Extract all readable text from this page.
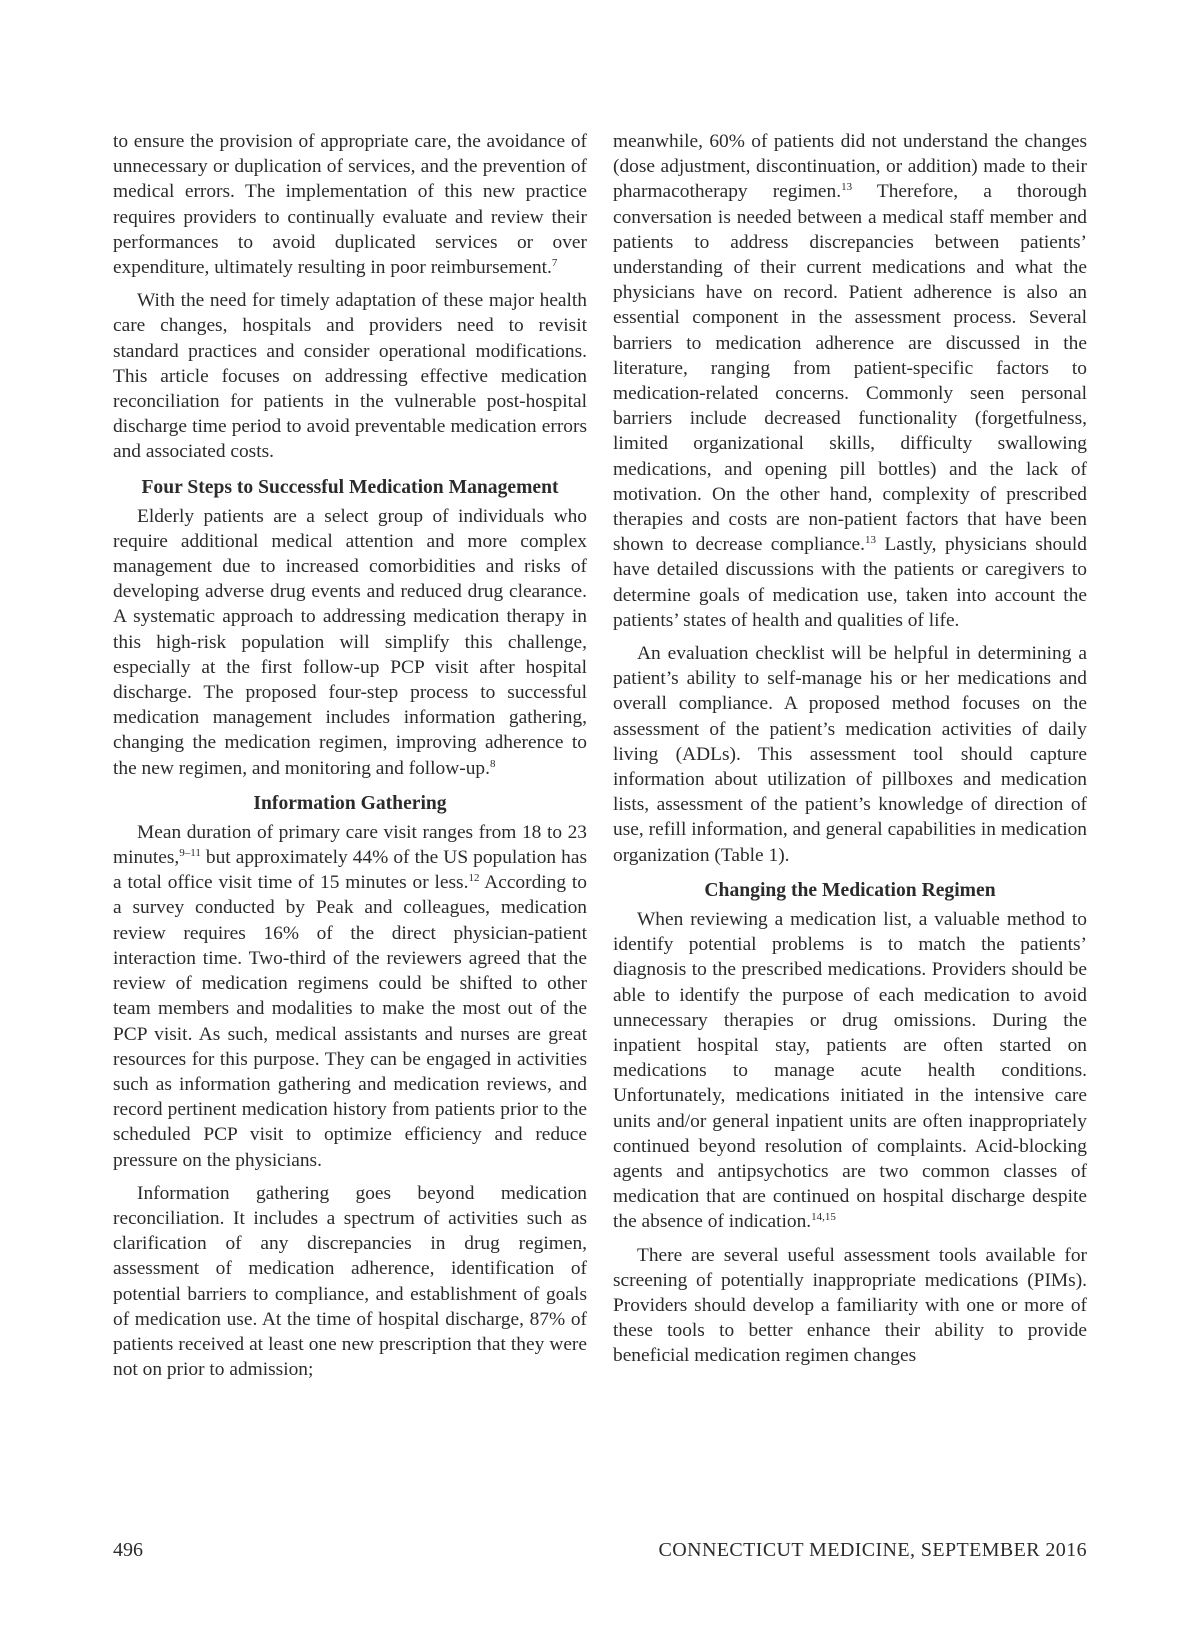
to ensure the provision of appropriate care, the avoidance of unnecessary or duplication of services, and the prevention of medical errors. The implementation of this new practice requires providers to continually evaluate and review their performances to avoid duplicated services or over expenditure, ultimately resulting in poor reimbursement.$^7$

With the need for timely adaptation of these major health care changes, hospitals and providers need to revisit standard practices and consider operational modifications. This article focuses on addressing effective medication reconciliation for patients in the vulnerable post-hospital discharge time period to avoid preventable medication errors and associated costs.

Four Steps to Successful Medication Management

Elderly patients are a select group of individuals who require additional medical attention and more complex management due to increased comorbidities and risks of developing adverse drug events and reduced drug clearance. A systematic approach to addressing medication therapy in this high-risk population will simplify this challenge, especially at the first follow-up PCP visit after hospital discharge. The proposed four-step process to successful medication management includes information gathering, changing the medication regimen, improving adherence to the new regimen, and monitoring and follow-up.$^8$

Information Gathering

Mean duration of primary care visit ranges from 18 to 23 minutes,$^{9-11}$ but approximately 44% of the US population has a total office visit time of 15 minutes or less.$^{12}$ According to a survey conducted by Peak and colleagues, medication review requires 16% of the direct physician-patient interaction time. Two-third of the reviewers agreed that the review of medication regimens could be shifted to other team members and modalities to make the most out of the PCP visit. As such, medical assistants and nurses are great resources for this purpose. They can be engaged in activities such as information gathering and medication reviews, and record pertinent medication history from patients prior to the scheduled PCP visit to optimize efficiency and reduce pressure on the physicians.

Information gathering goes beyond medication reconciliation. It includes a spectrum of activities such as clarification of any discrepancies in drug regimen, assessment of medication adherence, identification of potential barriers to compliance, and establishment of goals of medication use. At the time of hospital discharge, 87% of patients received at least one new prescription that they were not on prior to admission;

meanwhile, 60% of patients did not understand the changes (dose adjustment, discontinuation, or addition) made to their pharmacotherapy regimen.$^{13}$ Therefore, a thorough conversation is needed between a medical staff member and patients to address discrepancies between patients’ understanding of their current medications and what the physicians have on record. Patient adherence is also an essential component in the assessment process. Several barriers to medication adherence are discussed in the literature, ranging from patient-specific factors to medication-related concerns. Commonly seen personal barriers include decreased functionality (forgetfulness, limited organizational skills, difficulty swallowing medications, and opening pill bottles) and the lack of motivation. On the other hand, complexity of prescribed therapies and costs are non-patient factors that have been shown to decrease compliance.$^{13}$ Lastly, physicians should have detailed discussions with the patients or caregivers to determine goals of medication use, taken into account the patients’ states of health and qualities of life.

An evaluation checklist will be helpful in determining a patient’s ability to self-manage his or her medications and overall compliance. A proposed method focuses on the assessment of the patient’s medication activities of daily living (ADLs). This assessment tool should capture information about utilization of pillboxes and medication lists, assessment of the patient’s knowledge of direction of use, refill information, and general capabilities in medication organization (Table 1).

Changing the Medication Regimen

When reviewing a medication list, a valuable method to identify potential problems is to match the patients’ diagnosis to the prescribed medications. Providers should be able to identify the purpose of each medication to avoid unnecessary therapies or drug omissions. During the inpatient hospital stay, patients are often started on medications to manage acute health conditions. Unfortunately, medications initiated in the intensive care units and/or general inpatient units are often inappropriately continued beyond resolution of complaints. Acid-blocking agents and antipsychotics are two common classes of medication that are continued on hospital discharge despite the absence of indication.$^{14,15}$

There are several useful assessment tools available for screening of potentially inappropriate medications (PIMs). Providers should develop a familiarity with one or more of these tools to better enhance their ability to provide beneficial medication regimen changes

496	CONNECTICUT MEDICINE, SEPTEMBER 2016
